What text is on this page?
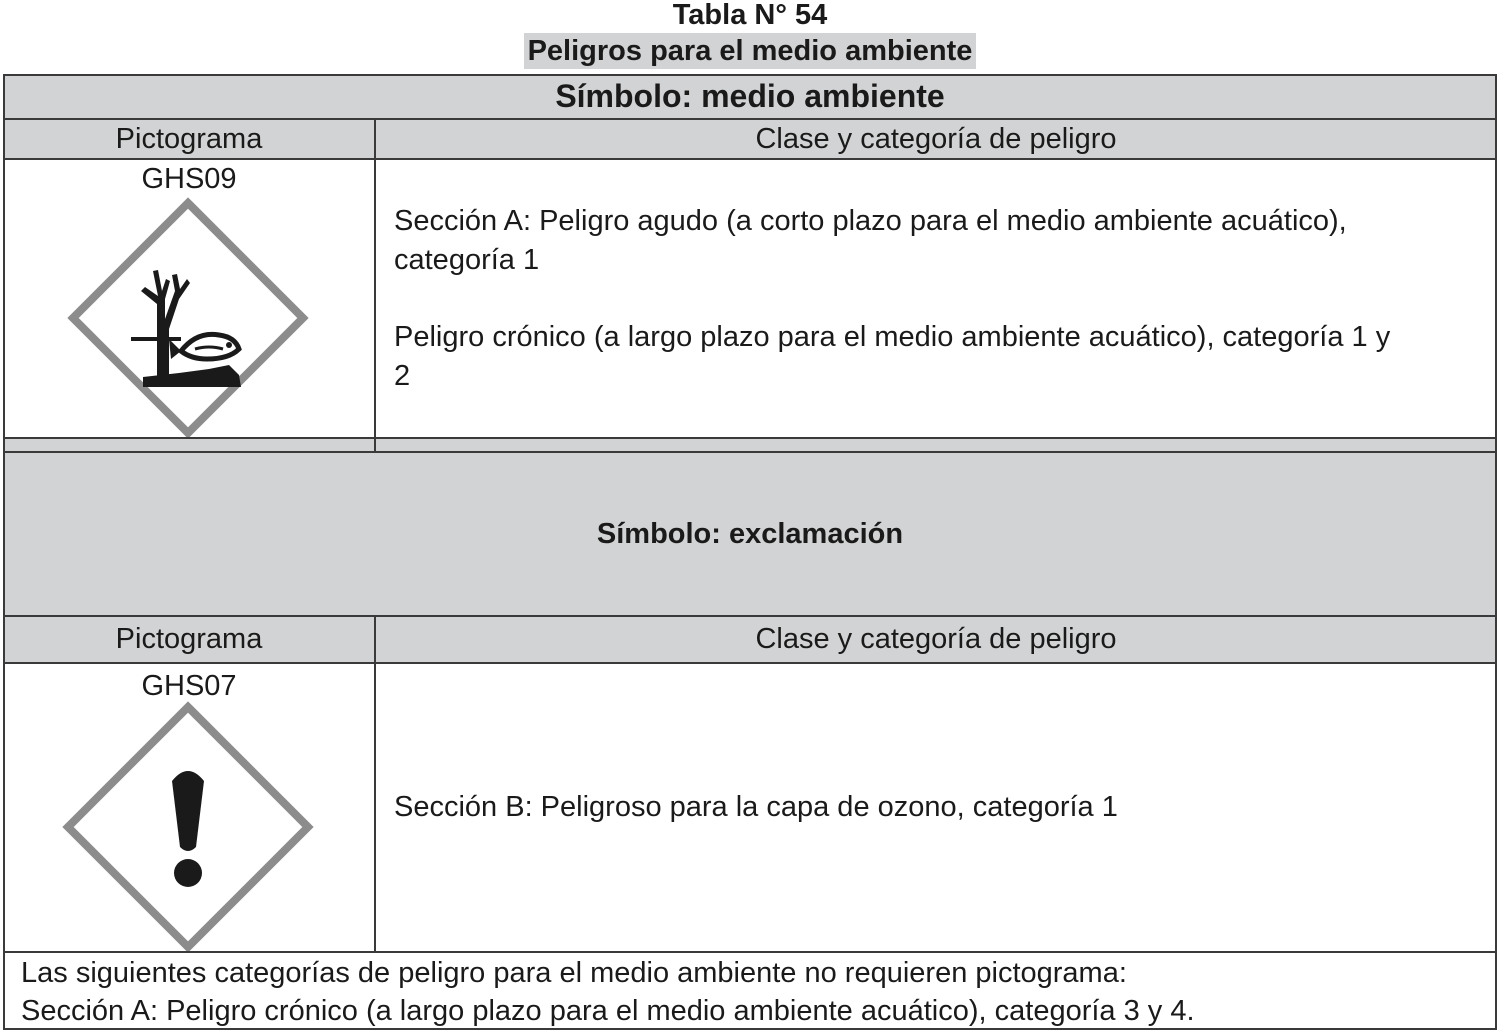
Tabla N° 54
Peligros para el medio ambiente
Símbolo: medio ambiente
Pictograma	Clase y categoría de peligro
Símbolo: exclamación
Pictograma	Clase y categoría de peligro
GHS09

Sección A: Peligro agudo (a corto plazo para el medio ambiente acuático), categoría 1

Peligro crónico (a largo plazo para el medio ambiente acuático), categoría 1 y 2

GHS07
Sección B: Peligroso para la capa de ozono, categoría 1

Las siguientes categorías de peligro para el medio ambiente no requieren pictograma:

Sección A: Peligro crónico (a largo plazo para el medio ambiente acuático), categoría 3 y 4.
